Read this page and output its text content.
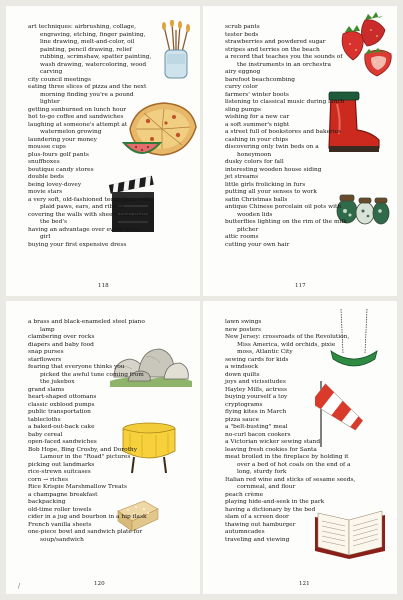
art techniques: airbrushing, collage,
engraving, etching, finger painting,
line drawing, melt-and-color, oil
painting, pencil drawing, relief
rubbing, scrimshaw, spatter painting,
wash drawing, watercoloring, wood
carving
city council meetings
eating three slices of pizza and the next
morning finding you're a pound
lighter
getting sunburned on lunch hour
hot to-go coffee and sandwiches
laughing at someone's attempt at
watermelon growing
laundering your money
mousse cups
plus-fours golf pants
snuffboxes
boutique candy stores
double beds
being lovey-dovey
movie stars
a very soft, old-fashioned teddy bear with
plaid paws, ears, and ribbon
covering the walls with sheets that match
the bed's
having an advantage over every other
girl
buying your first expensive dress
118
scrub pants
tester beds
strawberries and powdered sugar
stripes and terries on the beach
a record that teaches you the sounds of
the instruments in an orchestra
airy eggnog
barefoot beachcombing
curry color
farmers' winter boots
listening to classical music during lunch
sling pumps
wishing for a new car
a soft summer's night
a street full of bookstores and bakeries
cashing in your chips
discovering only twin beds on a
honeymoon
dusky colors for fall
interesting wooden house siding
jet streams
little girls frolicking in furs
putting all your senses to work
satin Christmas balls
antique Chinese porcelain oil pots with
wooden lids
butterflies lighting on the rim of the milk
pitcher
attic rooms
cutting your own hair
117
a brass and black-enameled steel piano
lamp
clambering over rocks
diapers and baby food
snap purses
starflowers
fearing that everyone thinks you
picked the awful tune coming from
the jukebox
grand slams
heart-shaped ottomans
classic oxblood pumps
public transportation
tablecloths
a baked-out-back cake
baby cereal
open-faced sandwiches
Bob Hope, Bing Crosby, and Dorothy
Lamour in the "Road" pictures
picking out landmarks
rice-strewn suitcases
corn → riches
Rice Krispie Marshmallow Treats
a champagne breakfast
backpacking
old-time roller towels
cider in a jug and bourbon in a hip flask
French vanilla sheets
one-piece bowl and sandwich plate for
soup/sandwich
120
/
lawn swings
new posters
New Jersey: crossroads of the Revolution,
Miss America, wild orchids, pixie
moss, Atlantic City
sewing cards for kids
a windsock
down quilts
joys and vicissitudes
Hayley Mills, actress
buying yourself a toy
cryptograms
flying kites in March
pizza sauce
a "belt-busting" meal
no-curl bacon cookers
a Victorian wicker sewing stand
leaving fresh cookies for Santa
meat broiled in the fireplace by holding it
over a bed of hot coals on the end of a
long, sturdy fork
Italian red wine and sticks of sesame seeds,
cornmeal, and flour
peach crème
playing hide-and-seek in the park
having a dictionary by the bed
slam of a screen door
thawing out hamburger
autumncades
traveling and viewing
121
